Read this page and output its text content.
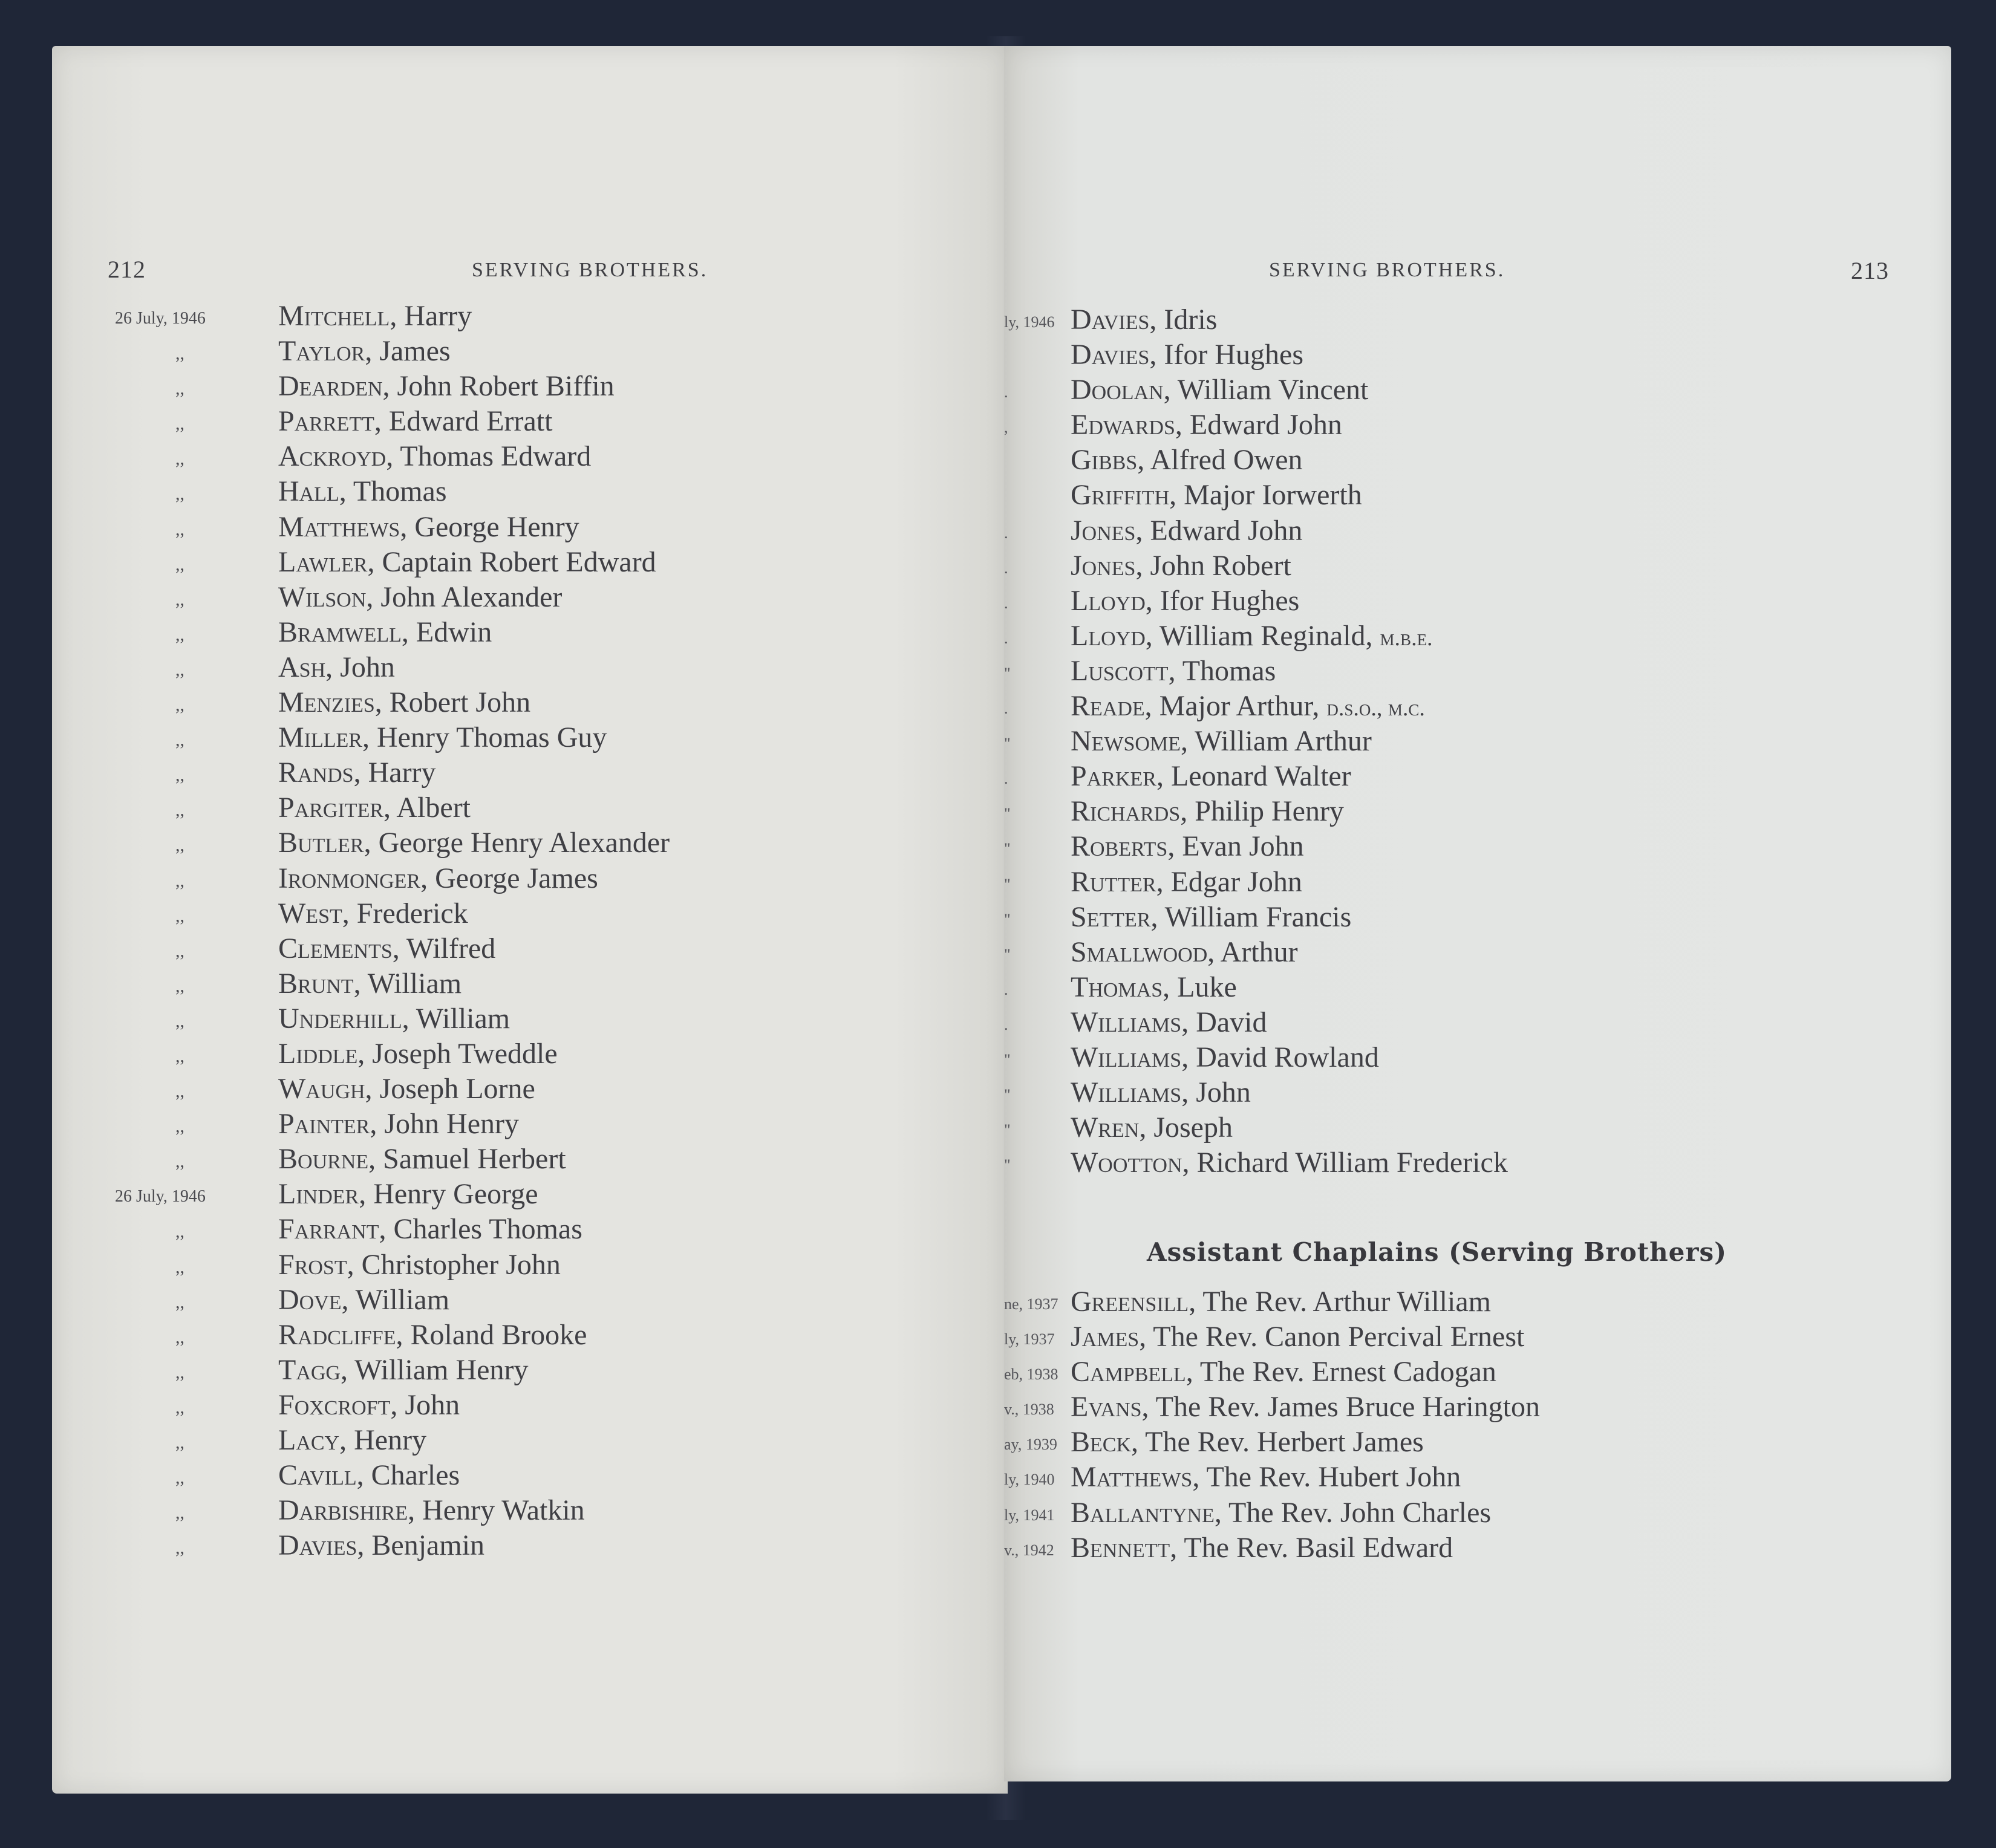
212	SERVING BROTHERS.
26 July, 1946	Mitchell, Harry
,,	Taylor, James
,,	Dearden, John Robert Biffin
,,	Parrett, Edward Erratt
,,	Ackroyd, Thomas Edward
,,	Hall, Thomas
,,	Matthews, George Henry
,,	Lawler, Captain Robert Edward
,,	Wilson, John Alexander
,,	Bramwell, Edwin
,,	Ash, John
,,	Menzies, Robert John
,,	Miller, Henry Thomas Guy
,,	Rands, Harry
,,	Pargiter, Albert
,,	Butler, George Henry Alexander
,,	Ironmonger, George James
,,	West, Frederick
,,	Clements, Wilfred
,,	Brunt, William
,,	Underhill, William
,,	Liddle, Joseph Tweddle
,,	Waugh, Joseph Lorne
,,	Painter, John Henry
,,	Bourne, Samuel Herbert
26 July, 1946	Linder, Henry George
,,	Farrant, Charles Thomas
,,	Frost, Christopher John
,,	Dove, William
,,	Radcliffe, Roland Brooke
,,	Tagg, William Henry
,,	Foxcroft, John
,,	Lacy, Henry
,,	Cavill, Charles
,,	Darbishire, Henry Watkin
,,	Davies, Benjamin
SERVING BROTHERS.	213
ly, 1946 Davies, Idris
Davies, Ifor Hughes
. Doolan, William Vincent
, Edwards, Edward John
Gibbs, Alfred Owen
Griffith, Major Iorwerth
. Jones, Edward John
. Jones, John Robert
. Lloyd, Ifor Hughes
. Lloyd, William Reginald, m.b.e.
" Luscott, Thomas
. Reade, Major Arthur, d.s.o., m.c.
" Newsome, William Arthur
. Parker, Leonard Walter
" Richards, Philip Henry
" Roberts, Evan John
" Rutter, Edgar John
" Setter, William Francis
" Smallwood, Arthur
. Thomas, Luke
. Williams, David
" Williams, David Rowland
" Williams, John
" Wren, Joseph
" Wootton, Richard William Frederick
Assistant Chaplains (Serving Brothers)
ne, 1937 Greensill, The Rev. Arthur William
ly, 1937 James, The Rev. Canon Percival Ernest
eb, 1938 Campbell, The Rev. Ernest Cadogan
v., 1938 Evans, The Rev. James Bruce Harington
ay, 1939 Beck, The Rev. Herbert James
ly, 1940 Matthews, The Rev. Hubert John
ly, 1941 Ballantyne, The Rev. John Charles
v., 1942 Bennett, The Rev. Basil Edward
